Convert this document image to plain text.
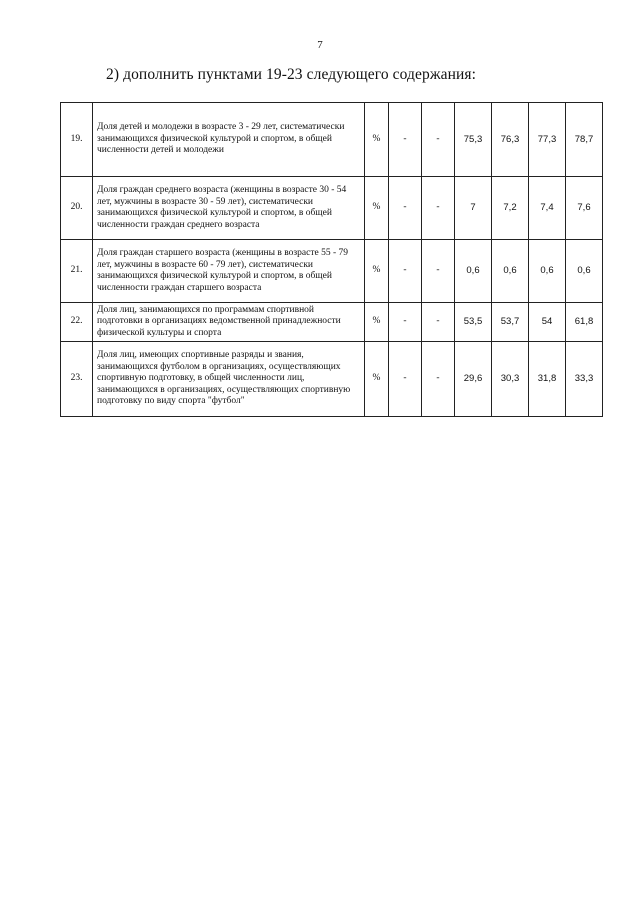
7
2) дополнить пунктами 19-23 следующего содержания:
19.	Доля детей и молодежи в возрасте 3 - 29 лет, систематически занимающихся физической культурой и спортом, в общей численности детей и молодежи	%	-	-	75,3	76,3	77,3	78,7
20.	Доля граждан среднего возраста (женщины в возрасте 30 - 54 лет, мужчины в возрасте 30 - 59 лет), систематически занимающихся физической культурой и спортом, в общей численности граждан среднего возраста	%	-	-	7	7,2	7,4	7,6
21.	Доля граждан старшего возраста (женщины в возрасте 55 - 79 лет, мужчины в возрасте 60 - 79 лет), систематически занимающихся физической культурой и спортом, в общей численности граждан старшего возраста	%	-	-	0,6	0,6	0,6	0,6
22.	Доля лиц, занимающихся по программам спортивной подготовки в организациях ведомственной принадлежности физической культуры и спорта	%	-	-	53,5	53,7	54	61,8
23.	Доля лиц, имеющих спортивные разряды и звания, занимающихся футболом в организациях, осуществляющих спортивную подготовку, в общей численности лиц, занимающихся в организациях, осуществляющих спортивную подготовку по виду спорта "футбол"	%	-	-	29,6	30,3	31,8	33,3
